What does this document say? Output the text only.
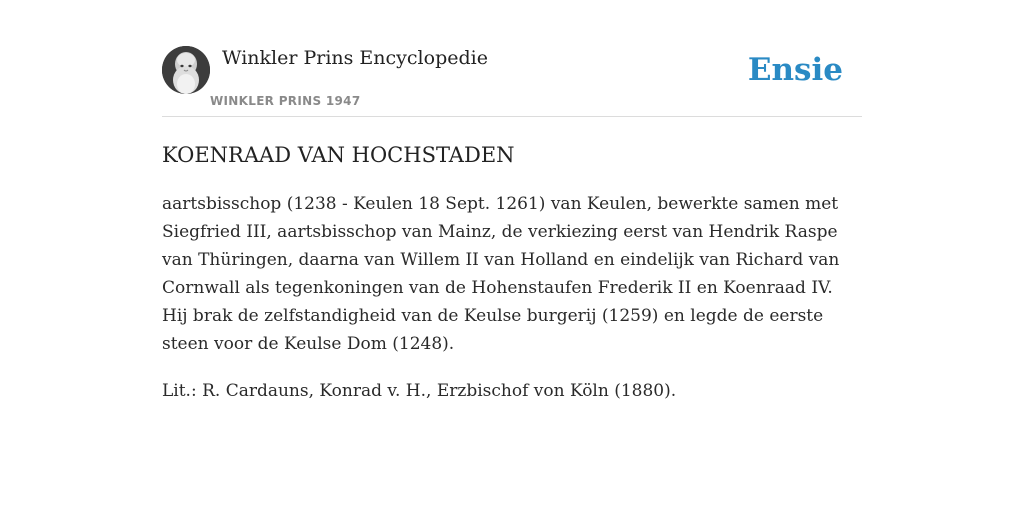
Winkler Prins Encyclopedie
WINKLER PRINS 1947
Ensie
KOENRAAD VAN HOCHSTADEN

aartsbisschop (1238 - Keulen 18 Sept. 1261) van Keulen, bewerkte samen met Siegfried III, aartsbisschop van Mainz, de verkiezing eerst van Hendrik Raspe van Thüringen, daarna van Willem II van Holland en eindelijk van Richard van Cornwall als tegenkoningen van de Hohenstaufen Frederik II en Koenraad IV. Hij brak de zelfstandigheid van de Keulse burgerij (1259) en legde de eerste steen voor de Keulse Dom (1248).

Lit.: R. Cardauns, Konrad v. H., Erzbischof von Köln (1880).
